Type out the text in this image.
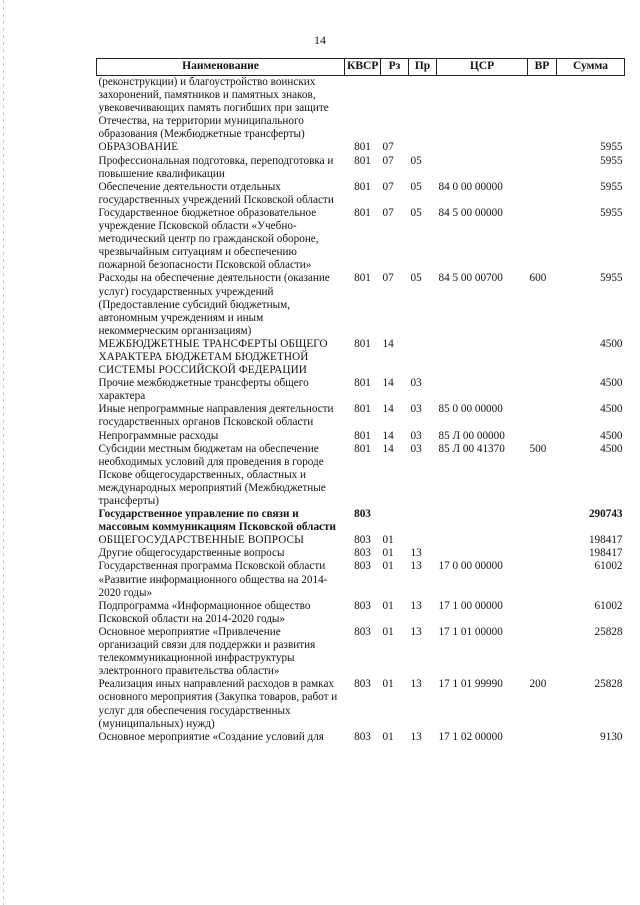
14
Наименование	КВСР	Рз	Пр	ЦСР	ВР	Сумма
(реконструкции) и благоустройство воинских захоронений, памятников и памятных знаков, увековечивающих память погибших при защите Отечества, на территории муниципального образования (Межбюджетные трансферты)						
ОБРАЗОВАНИЕ	801	07				5955
Профессиональная подготовка, переподготовка и повышение квалификации	801	07	05			5955
Обеспечение деятельности отдельных государственных учреждений Псковской области	801	07	05	84 0 00 00000		5955
Государственное бюджетное образовательное учреждение Псковской области «Учебно-методический центр по гражданской обороне, чрезвычайным ситуациям и обеспечению пожарной безопасности Псковской области»	801	07	05	84 5 00 00000		5955
Расходы на обеспечение деятельности (оказание услуг) государственных учреждений (Предоставление субсидий бюджетным, автономным учреждениям и иным некоммерческим организациям)	801	07	05	84 5 00 00700	600	5955
МЕЖБЮДЖЕТНЫЕ ТРАНСФЕРТЫ ОБЩЕГО ХАРАКТЕРА БЮДЖЕТАМ БЮДЖЕТНОЙ СИСТЕМЫ РОССИЙСКОЙ ФЕДЕРАЦИИ	801	14				4500
Прочие межбюджетные трансферты общего характера	801	14	03			4500
Иные непрограммные направления деятельности государственных органов Псковской области	801	14	03	85 0 00 00000		4500
Непрограммные расходы	801	14	03	85 Л 00 00000		4500
Субсидии местным бюджетам на обеспечение необходимых условий для проведения в городе Пскове общегосударственных, областных и международных мероприятий (Межбюджетные трансферты)	801	14	03	85 Л 00 41370	500	4500
Государственное управление по связи и массовым коммуникациям Псковской области	803					290743
ОБЩЕГОСУДАРСТВЕННЫЕ ВОПРОСЫ	803	01				198417
Другие общегосударственные вопросы	803	01	13			198417
Государственная программа Псковской области «Развитие информационного общества на 2014-2020 годы»	803	01	13	17 0 00 00000		61002
Подпрограмма «Информационное общество Псковской области на 2014-2020 годы»	803	01	13	17 1 00 00000		61002
Основное мероприятие «Привлечение организаций связи для поддержки и развития телекоммуникационной инфраструктуры электронного правительства области»	803	01	13	17 1 01 00000		25828
Реализация иных направлений расходов в рамках основного мероприятия (Закупка товаров, работ и услуг для обеспечения государственных (муниципальных) нужд)	803	01	13	17 1 01 99990	200	25828
Основное мероприятие «Создание условий для	803	01	13	17 1 02 00000		9130
